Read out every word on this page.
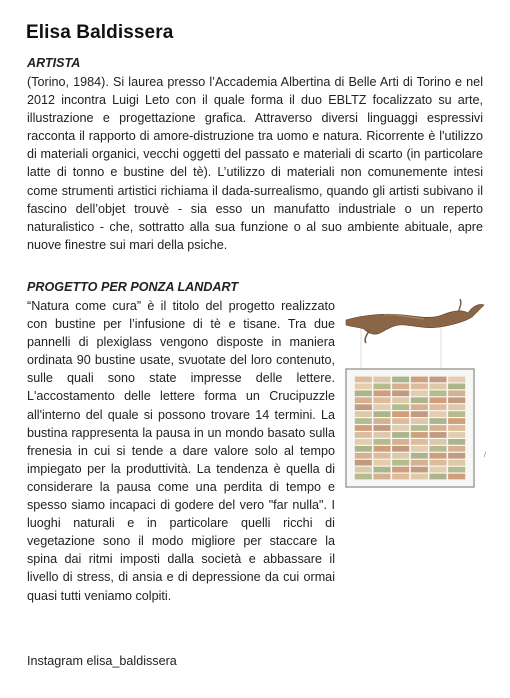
Elisa Baldissera
ARTISTA
(Torino, 1984). Si laurea presso l’Accademia Albertina di Belle Arti di Torino e nel 2012 incontra Luigi Leto con il quale forma il duo EBLTZ focalizzato su arte, illustrazione e progettazione grafica. Attraverso diversi linguaggi espressivi racconta il rapporto di amore-distruzione tra uomo e natura. Ricorrente è l'utilizzo di materiali organici, vecchi oggetti del passato e materiali di scarto (in particolare latte di tonno e bustine del tè). L’utilizzo di materiali non comunemente intesi come strumenti artistici richiama il dada-surrealismo, quando gli artisti subivano il fascino dell’objet trouvè - sia esso un manufatto industriale o un reperto naturalistico - che, sottratto alla sua funzione o al suo ambiente abituale, apre nuove finestre sui mari della psiche.
PROGETTO PER PONZA LANDART
“Natura come cura” è il titolo del progetto realizzato con bustine per l’infusione di tè e tisane. Tra due pannelli di plexiglass vengono disposte in maniera ordinata 90 bustine usate, svuotate del loro contenuto, sulle quali sono state impresse delle lettere. L'accostamento delle lettere forma un Crucipuzzle all'interno del quale si possono trovare 14 termini. La bustina rappresenta la pausa in un mondo basato sulla frenesia in cui si tende a dare valore solo al tempo impiegato per la produttività. La tendenza è quella di considerare la pausa come una perdita di tempo e spesso siamo incapaci di godere del vero "far nulla". I luoghi naturali e in particolare quelli ricchi di vegetazione sono il modo migliore per staccare la spina dai ritmi imposti dalla società e abbassare il livello di stress, di ansia e di depressione da cui ormai quasi tutti veniamo colpiti.
/
Instagram elisa_baldissera
